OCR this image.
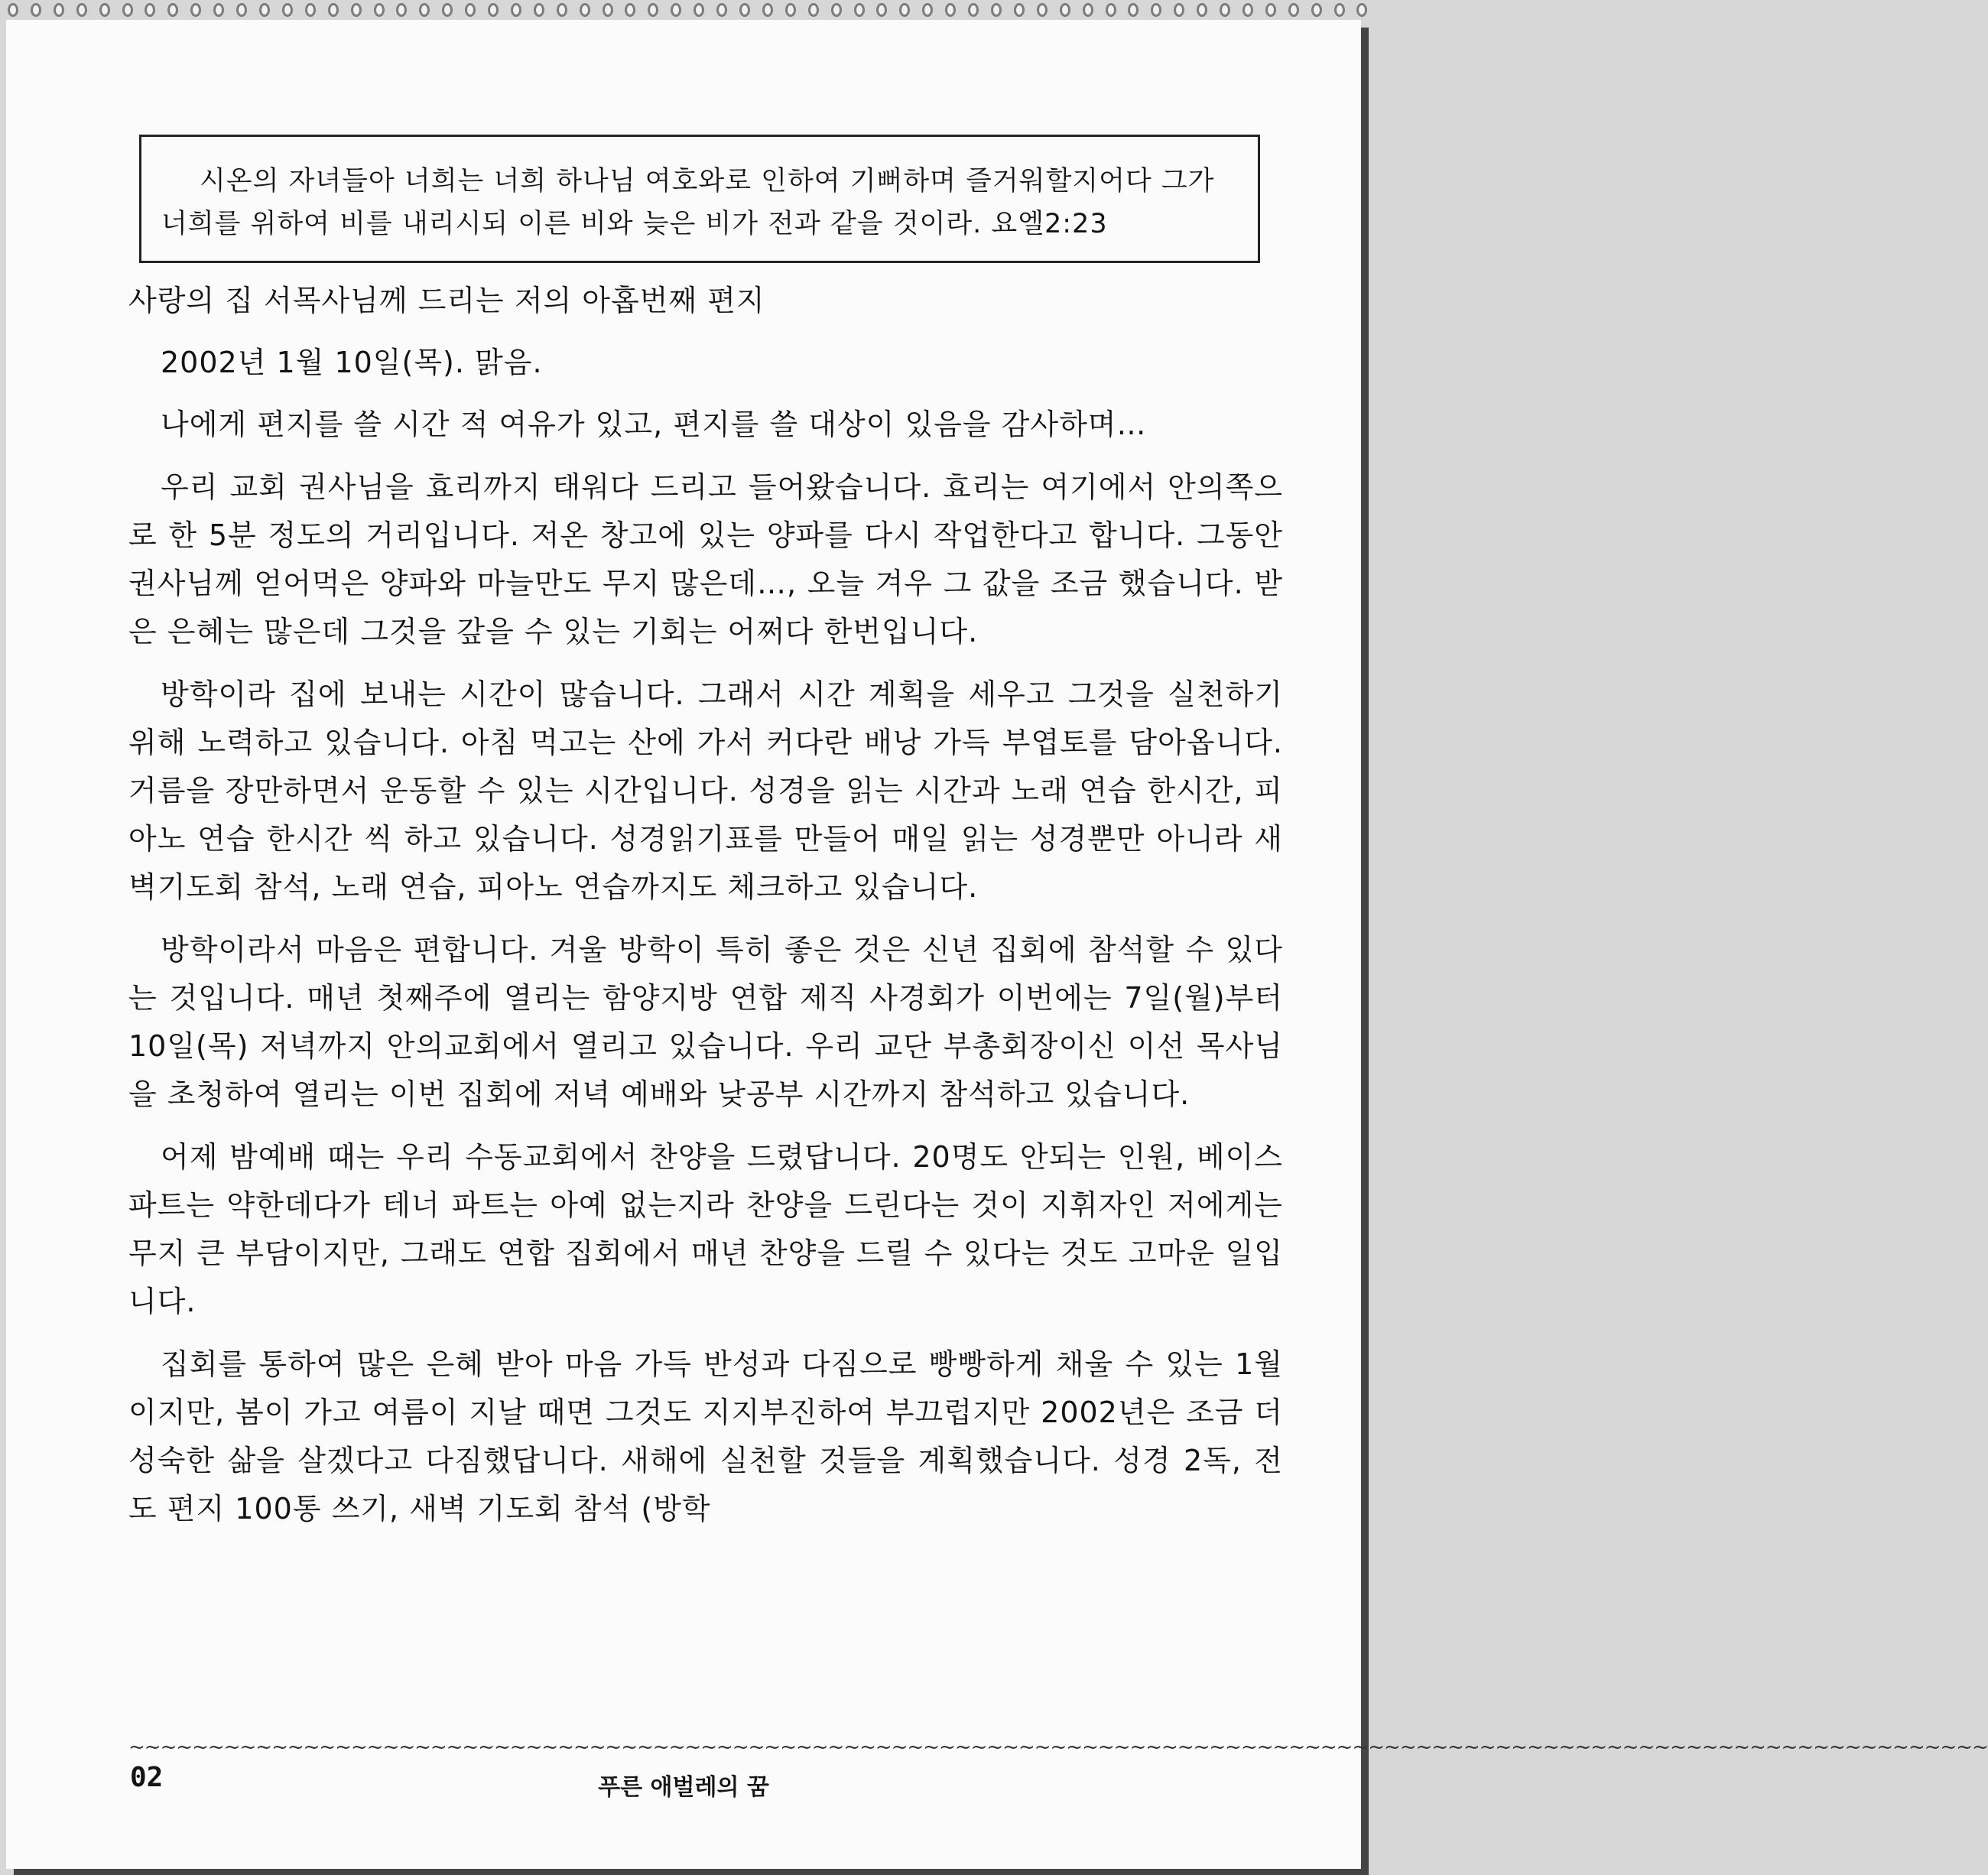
시온의 자녀들아 너희는 너희 하나님 여호와로 인하여 기뻐하며 즐거워할지어다 그가 너희를 위하여 비를 내리시되 이른 비와 늦은 비가 전과 같을 것이라. 요엘2:23

사랑의 집 서목사님께 드리는 저의 아홉번째 편지

2002년 1월 10일(목). 맑음.

나에게 편지를 쓸 시간 적 여유가 있고, 편지를 쓸 대상이 있음을 감사하며…

우리 교회 권사님을 효리까지 태워다 드리고 들어왔습니다. 효리는 여기에서 안의쪽으로 한 5분 정도의 거리입니다. 저온 창고에 있는 양파를 다시 작업한다고 합니다. 그동안 권사님께 얻어먹은 양파와 마늘만도 무지 많은데…, 오늘 겨우 그 값을 조금 했습니다. 받은 은혜는 많은데 그것을 갚을 수 있는 기회는 어쩌다 한번입니다.

방학이라 집에 보내는 시간이 많습니다. 그래서 시간 계획을 세우고 그것을 실천하기 위해 노력하고 있습니다. 아침 먹고는 산에 가서 커다란 배낭 가득 부엽토를 담아옵니다. 거름을 장만하면서 운동할 수 있는 시간입니다. 성경을 읽는 시간과 노래 연습 한시간, 피아노 연습 한시간 씩 하고 있습니다. 성경읽기표를 만들어 매일 읽는 성경뿐만 아니라 새벽기도회 참석, 노래 연습, 피아노 연습까지도 체크하고 있습니다.

방학이라서 마음은 편합니다. 겨울 방학이 특히 좋은 것은 신년 집회에 참석할 수 있다는 것입니다. 매년 첫째주에 열리는 함양지방 연합 제직 사경회가 이번에는 7일(월)부터 10일(목) 저녁까지 안의교회에서 열리고 있습니다. 우리 교단 부총회장이신 이선 목사님을 초청하여 열리는 이번 집회에 저녁 예배와 낮공부 시간까지 참석하고 있습니다.

어제 밤예배 때는 우리 수동교회에서 찬양을 드렸답니다. 20명도 안되는 인원, 베이스 파트는 약한데다가 테너 파트는 아예 없는지라 찬양을 드린다는 것이 지휘자인 저에게는 무지 큰 부담이지만, 그래도 연합 집회에서 매년 찬양을 드릴 수 있다는 것도 고마운 일입니다.

집회를 통하여 많은 은혜 받아 마음 가득 반성과 다짐으로 빵빵하게 채울 수 있는 1월이지만, 봄이 가고 여름이 지날 때면 그것도 지지부진하여 부끄럽지만 2002년은 조금 더 성숙한 삶을 살겠다고 다짐했답니다. 새해에 실천할 것들을 계획했습니다. 성경 2독, 전도 편지 100통 쓰기, 새벽 기도회 참석 (방학

~~~~~~~~~~~~~~~~~~~~~~~~~~~~~~~~~~~~~~~~~~~~~~~~~~~~~~~~~~~~~~~~~~~~~~~~~~~~~~~~~~~~~~~~~~~~~~~~~~~~~~~~~~~~~~~~~~~~~
02	푸른 애벌레의 꿈
